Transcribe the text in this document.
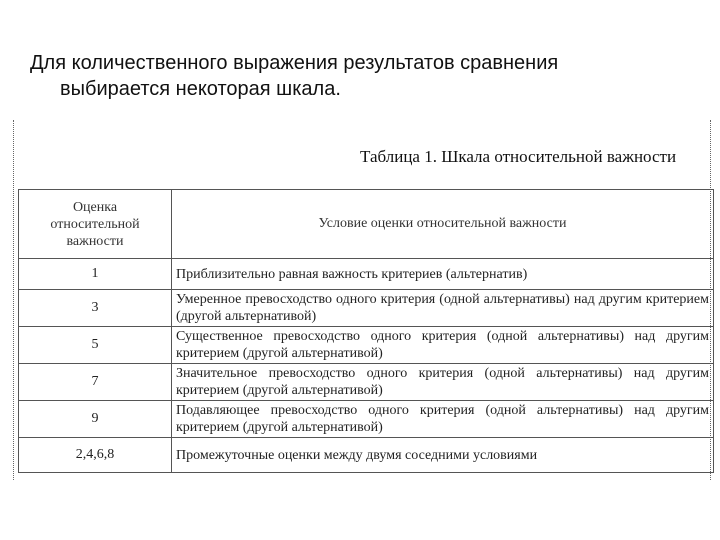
Для количественного выражения результатов сравнения
выбирается некоторая шкала.
Таблица 1. Шкала относительной важности
Оценка
относительной
важности	Условие оценки относительной важности
1	Приблизительно равная важность критериев (альтернатив)
3	Умеренное превосходство одного критерия (одной альтернативы) над другим критерием (другой альтернативой)
5	Существенное превосходство одного критерия (одной альтернативы) над другим критерием (другой альтернативой)
7	Значительное превосходство одного критерия (одной альтернативы) над другим критерием (другой альтернативой)
9	Подавляющее превосходство одного критерия (одной альтернативы) над другим критерием (другой альтернативой)
2,4,6,8	Промежуточные оценки между двумя соседними условиями
